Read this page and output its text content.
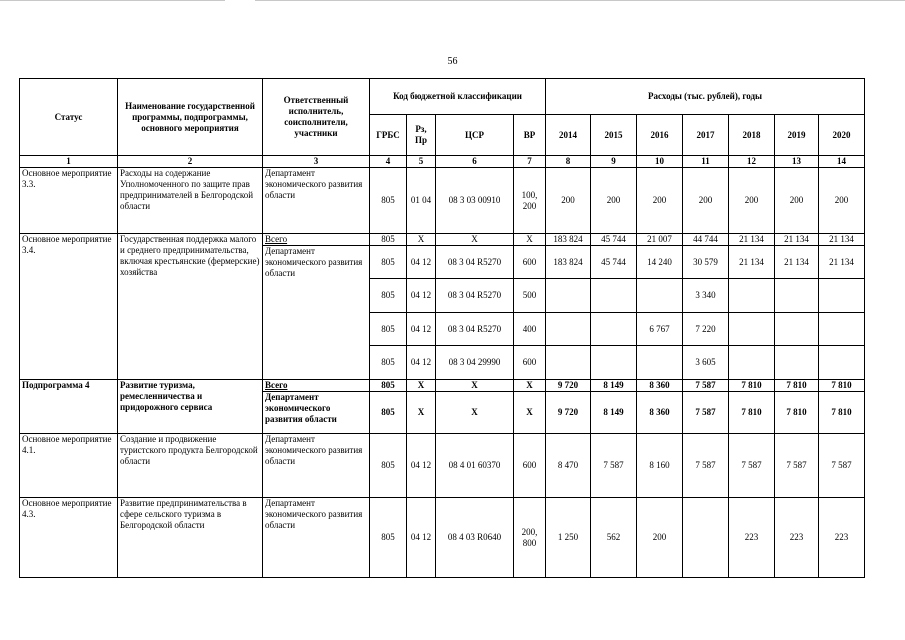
56
Статус	Наименование государственной программы, подпрограммы, основного мероприятия	Ответственный исполнитель, соисполнители, участники	Код бюджетной классификации				Расходы (тыс. рублей), годы						
			ГРБС	Рз, Пр	ЦСР	ВР	2014	2015	2016	2017	2018	2019	2020
1	2	3	4	5	6	7	8	9	10	11	12	13	14
Основное мероприятие 3.3.	Расходы на содержание Уполномоченного по защите прав предпринимателей в Белгородской области	Департамент экономического развития области	805	01 04	08 3 03 00910	100, 200	200	200	200	200	200	200	200
Основное мероприятие 3.4.	Государственная поддержка малого и среднего предпринимательства, включая крестьянские (фермерские) хозяйства	Всего	805	X	X	X	183 824	45 744	21 007	44 744	21 134	21 134	21 134
		Департамент экономического развития области	805	04 12	08 3 04 R5270	600	183 824	45 744	14 240	30 579	21 134	21 134	21 134
			805	04 12	08 3 04 R5270	500				3 340			
			805	04 12	08 3 04 R5270	400			6 767	7 220			
			805	04 12	08 3 04 29990	600				3 605			
Подпрограмма 4	Развитие туризма, ремесленничества и придорожного сервиса	Всего	805	X	X	X	9 720	8 149	8 360	7 587	7 810	7 810	7 810
		Департамент экономического развития области	805	X	X	X	9 720	8 149	8 360	7 587	7 810	7 810	7 810
Основное мероприятие 4.1.	Создание и продвижение туристского продукта Белгородской области	Департамент экономического развития области	805	04 12	08 4 01 60370	600	8 470	7 587	8 160	7 587	7 587	7 587	7 587
Основное мероприятие 4.3.	Развитие предпринимательства в сфере сельского туризма в Белгородской области	Департамент экономического развития области	805	04 12	08 4 03 R0640	200, 800	1 250	562	200		223	223	223
